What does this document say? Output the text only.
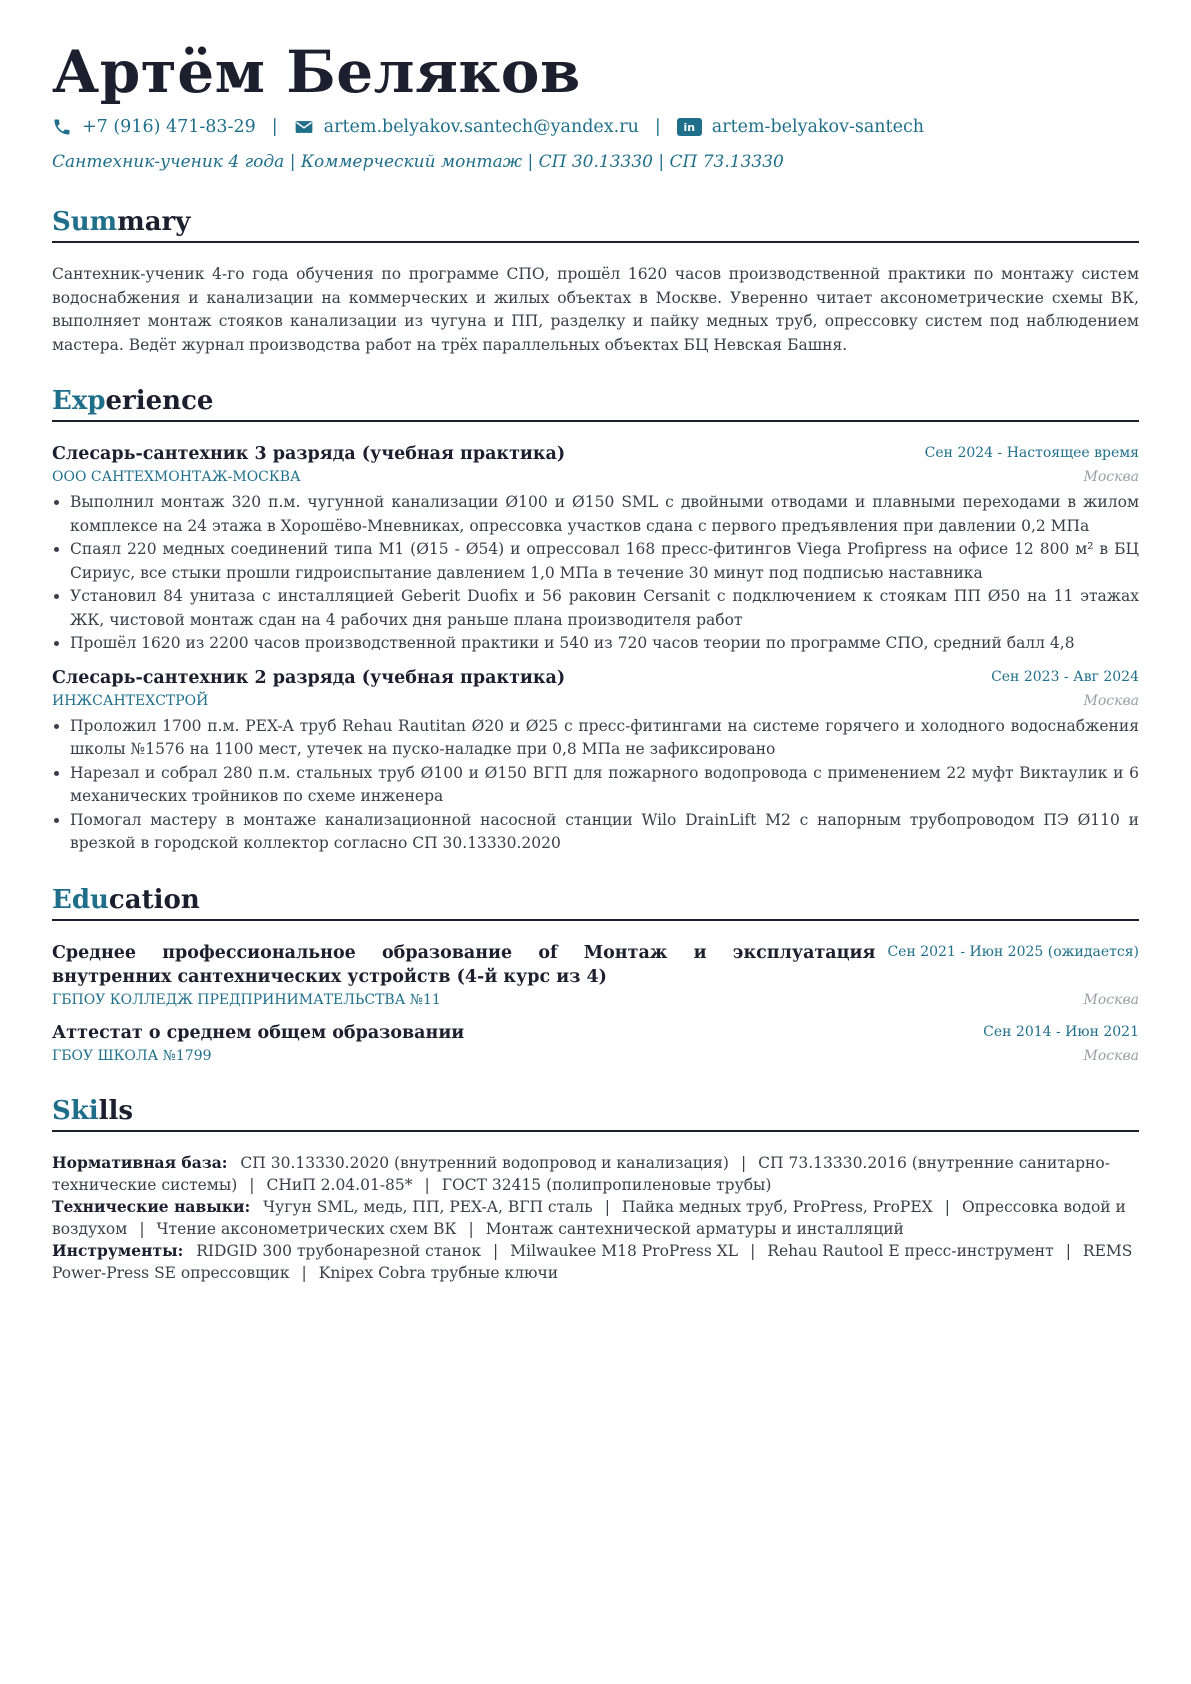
Артём Беляков
+7 (916) 471-83-29 |	artem.belyakov.santech@yandex.ru |	in artem-belyakov-santech
Сантехник-ученик 4 года | Коммерческий монтаж | СП 30.13330 | СП 73.13330
Summary
Сантехник-ученик 4-го года обучения по программе СПО, прошёл 1620 часов производственной практики по монтажу систем водоснабжения и канализации на коммерческих и жилых объектах в Москве. Уверенно читает аксонометрические схемы ВК, выполняет монтаж стояков канализации из чугуна и ПП, разделку и пайку медных труб, опрессовку систем под наблюдением мастера. Ведёт журнал производства работ на трёх параллельных объектах БЦ Невская Башня.
Experience
Слесарь-сантехник 3 разряда (учебная практика)	Сен 2024 - Настоящее время
ООО САНТЕХМОНТАЖ-МОСКВА	Москва
• Выполнил монтаж 320 п.м. чугунной канализации Ø100 и Ø150 SML с двойными отводами и плавными переходами в жилом комплексе на 24 этажа в Хорошёво-Мневниках, опрессовка участков сдана с первого предъявления при давлении 0,2 МПа
• Спаял 220 медных соединений типа М1 (Ø15 - Ø54) и опрессовал 168 пресс-фитингов Viega Profipress на офисе 12 800 м² в БЦ Сириус, все стыки прошли гидроиспытание давлением 1,0 МПа в течение 30 минут под подписью наставника
• Установил 84 унитаза с инсталляцией Geberit Duofix и 56 раковин Cersanit с подключением к стоякам ПП Ø50 на 11 этажах ЖК, чистовой монтаж сдан на 4 рабочих дня раньше плана производителя работ
• Прошёл 1620 из 2200 часов производственной практики и 540 из 720 часов теории по программе СПО, средний балл 4,8
Слесарь-сантехник 2 разряда (учебная практика)	Сен 2023 - Авг 2024
ИНЖСАНТЕХСТРОЙ	Москва
• Проложил 1700 п.м. PEX-A труб Rehau Rautitan Ø20 и Ø25 с пресс-фитингами на системе горячего и холодного водоснабжения школы №1576 на 1100 мест, утечек на пуско-наладке при 0,8 МПа не зафиксировано
• Нарезал и собрал 280 п.м. стальных труб Ø100 и Ø150 ВГП для пожарного водопровода с применением 22 муфт Виктаулик и 6 механических тройников по схеме инженера
• Помогал мастеру в монтаже канализационной насосной станции Wilo DrainLift M2 с напорным трубопроводом ПЭ Ø110 и врезкой в городской коллектор согласно СП 30.13330.2020
Education
Среднее профессиональное образование of Монтаж и эксплуатация внутренних сантехнических устройств (4-й курс из 4)
Сен 2021 - Июн 2025 (ожидается)
ГБПОУ КОЛЛЕДЖ ПРЕДПРИНИМАТЕЛЬСТВА №11	Москва
Аттестат о среднем общем образовании	Сен 2014 - Июн 2021
ГБОУ ШКОЛА №1799	Москва
Skills
Нормативная база: СП 30.13330.2020 (внутренний водопровод и канализация) | СП 73.13330.2016 (внутренние санитарно-технические системы) | СНиП 2.04.01-85* | ГОСТ 32415 (полипропиленовые трубы)
Технические навыки: Чугун SML, медь, ПП, PEX-A, ВГП сталь | Пайка медных труб, ProPress, ProPEX | Опрессовка водой и воздухом | Чтение аксонометрических схем ВК | Монтаж сантехнической арматуры и инсталляций
Инструменты: RIDGID 300 трубонарезной станок | Milwaukee M18 ProPress XL | Rehau Rautool E пресс-инструмент | REMS Power-Press SE опрессовщик | Knipex Cobra трубные ключи
